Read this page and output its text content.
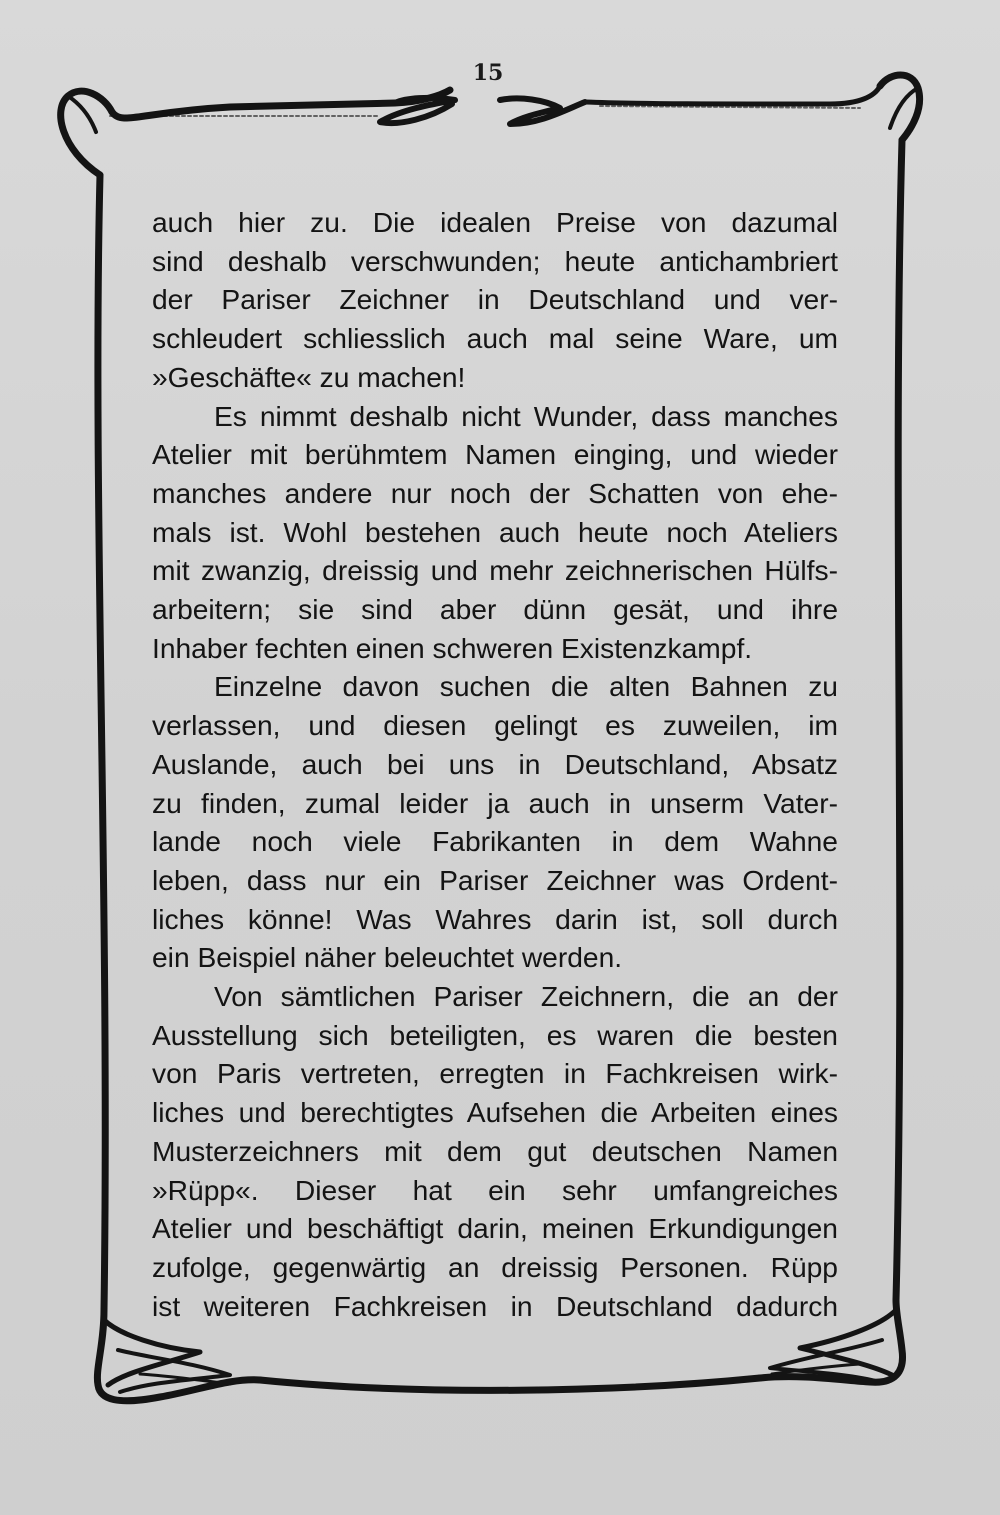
15
auch hier zu. Die idealen Preise von dazumal
sind deshalb verschwunden; heute antichambriert
der Pariser Zeichner in Deutschland und ver-
schleudert schliesslich auch mal seine Ware, um
»Geschäfte« zu machen!
Es nimmt deshalb nicht Wunder, dass manches
Atelier mit berühmtem Namen einging, und wieder
manches andere nur noch der Schatten von ehe-
mals ist. Wohl bestehen auch heute noch Ateliers
mit zwanzig, dreissig und mehr zeichnerischen Hülfs-
arbeitern; sie sind aber dünn gesät, und ihre
Inhaber fechten einen schweren Existenzkampf.
Einzelne davon suchen die alten Bahnen zu
verlassen, und diesen gelingt es zuweilen, im
Auslande, auch bei uns in Deutschland, Absatz
zu finden, zumal leider ja auch in unserm Vater-
lande noch viele Fabrikanten in dem Wahne
leben, dass nur ein Pariser Zeichner was Ordent-
liches könne! Was Wahres darin ist, soll durch
ein Beispiel näher beleuchtet werden.
Von sämtlichen Pariser Zeichnern, die an der
Ausstellung sich beteiligten, es waren die besten
von Paris vertreten, erregten in Fachkreisen wirk-
liches und berechtigtes Aufsehen die Arbeiten eines
Musterzeichners mit dem gut deutschen Namen
»Rüpp«. Dieser hat ein sehr umfangreiches
Atelier und beschäftigt darin, meinen Erkundigungen
zufolge, gegenwärtig an dreissig Personen. Rüpp
ist weiteren Fachkreisen in Deutschland dadurch
